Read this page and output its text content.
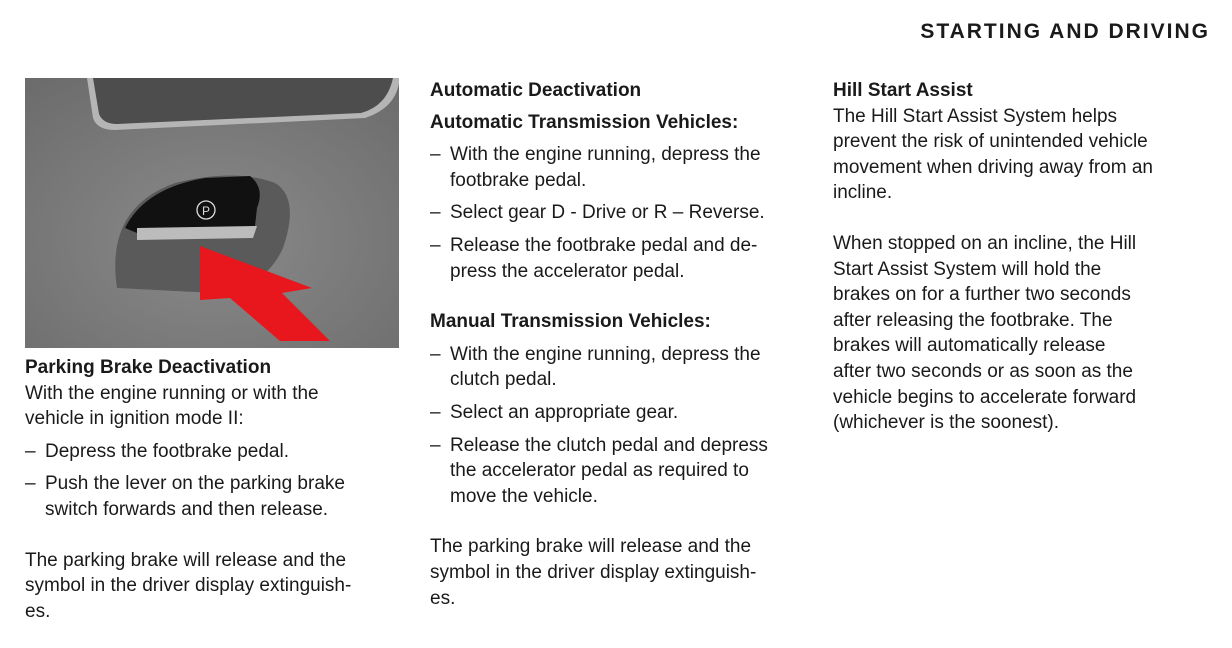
STARTING AND DRIVING
P
Parking Brake Deactivation
With the engine running or with the
vehicle in ignition mode II:
– Depress the footbrake pedal.
– Push the lever on the parking brake
switch forwards and then release.
The parking brake will release and the
symbol in the driver display extinguish-
es.
Automatic Deactivation
Automatic Transmission Vehicles:
– With the engine running, depress the
footbrake pedal.
– Select gear D - Drive or R – Reverse.
– Release the footbrake pedal and de-
press the accelerator pedal.
Manual Transmission Vehicles:
– With the engine running, depress the
clutch pedal.
– Select an appropriate gear.
– Release the clutch pedal and depress
the accelerator pedal as required to
move the vehicle.
The parking brake will release and the
symbol in the driver display extinguish-
es.
Hill Start Assist
The Hill Start Assist System helps
prevent the risk of unintended vehicle
movement when driving away from an
incline.
When stopped on an incline, the Hill
Start Assist System will hold the
brakes on for a further two seconds
after releasing the footbrake. The
brakes will automatically release
after two seconds or as soon as the
vehicle begins to accelerate forward
(whichever is the soonest).
